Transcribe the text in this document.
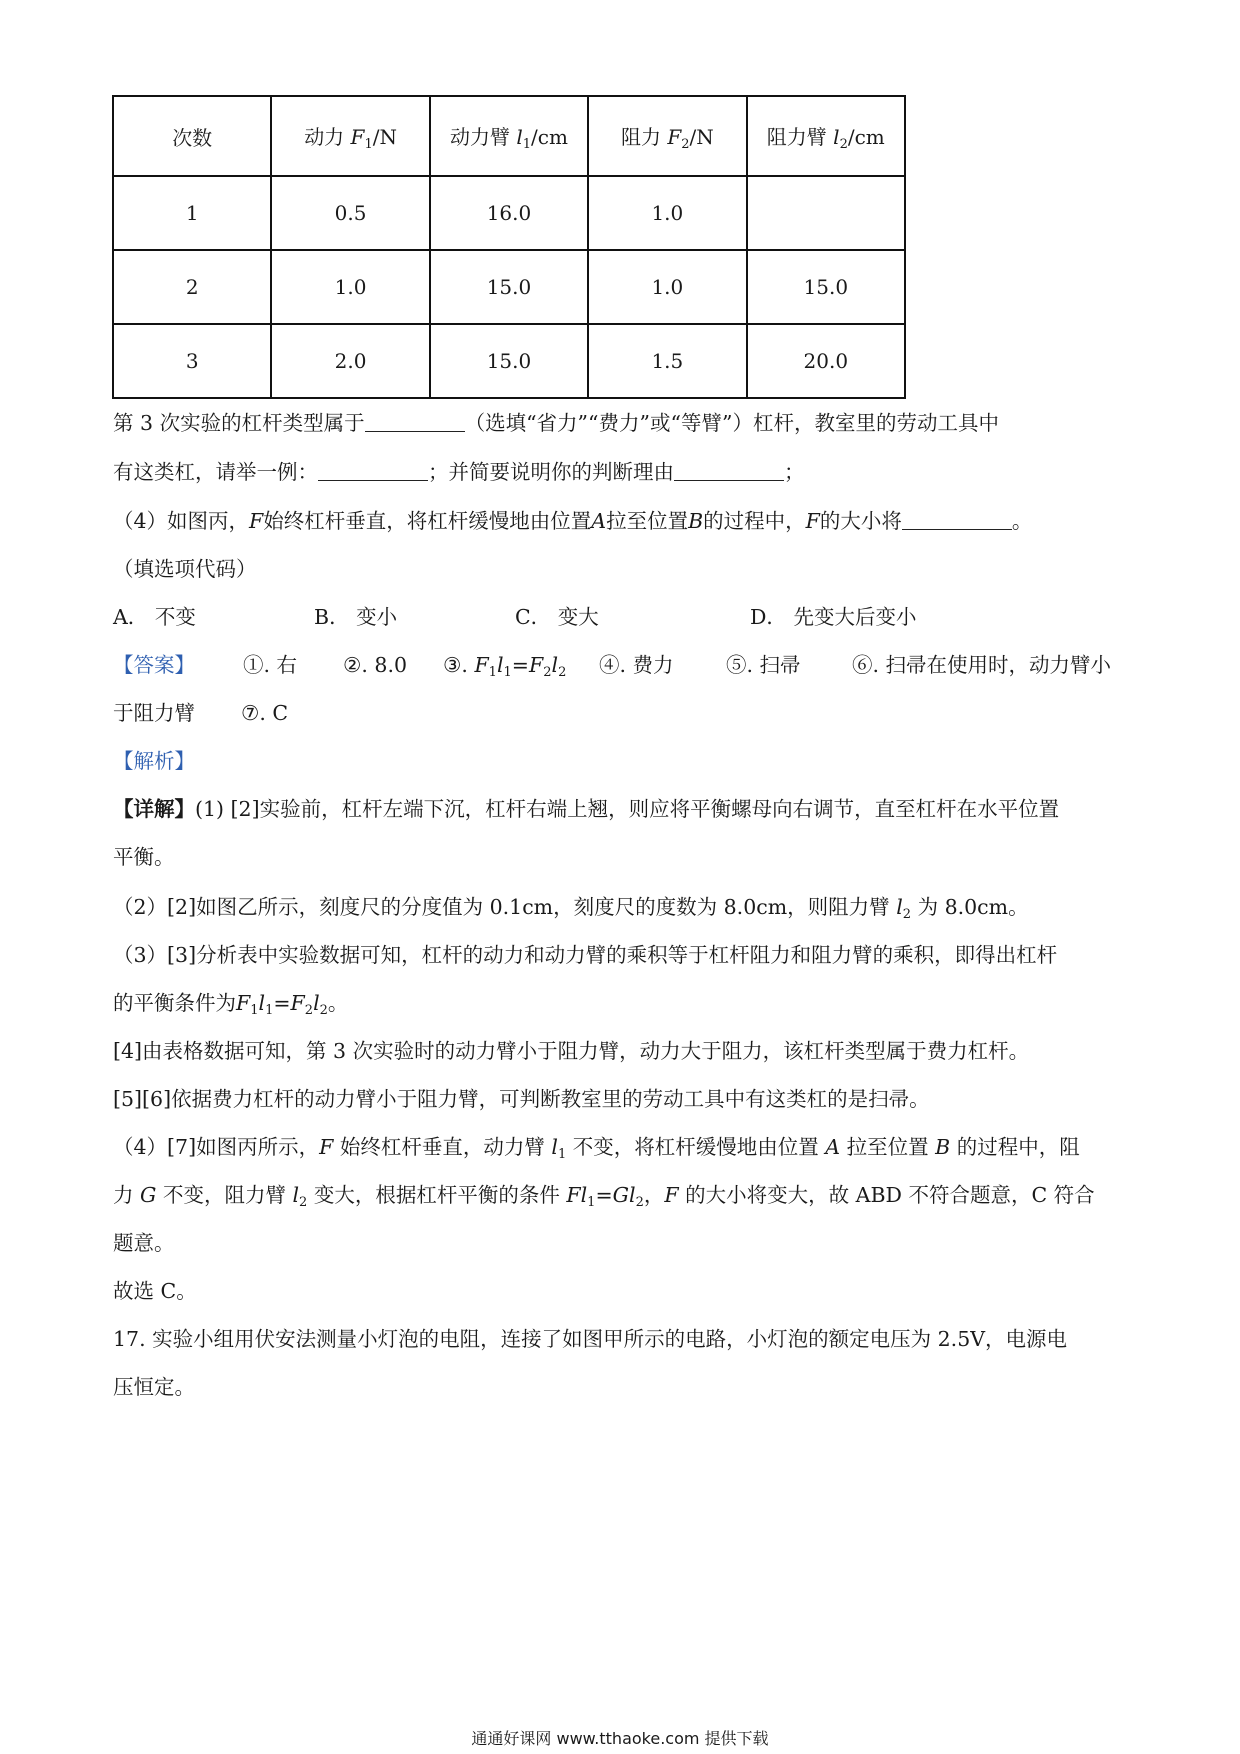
次数	动力 $F_1/N$	动力臂 $l_1/cm$	阻力 $F_2/N$	阻力臂 $l_2/cm$
1	0.5	16.0	1.0	
2	1.0	15.0	1.0	15.0
3	2.0	15.0	1.5	20.0
第 3 次实验的杠杆类型属于	（选填“省力”“费力”或“等臂”）杠杆，教室里的劳动工具中
有这类杠，请举一例：	；并简要说明你的判断理由	；
（4）如图丙，F始终杠杆垂直，将杠杆缓慢地由位置A拉至位置B的过程中，F的大小将	。
（填选项代码）
A． 不变	B． 变小	C． 变大	D． 先变大后变小
【答案】 ①. 右 ②. 8.0 ③. $F_1l_1=F_2l_2$ ④. 费力	⑤. 扫帚	⑥. 扫帚在使用时，动力臂小
于阻力臂 ⑦. C
【解析】
【详解】(1) [2]实验前，杠杆左端下沉，杠杆右端上翘，则应将平衡螺母向右调节，直至杠杆在水平位置
平衡。
（2）[2]如图乙所示，刻度尺的分度值为 0.1cm，刻度尺的度数为 8.0cm，则阻力臂 $l_2$ 为 8.0cm。
（3）[3]分析表中实验数据可知，杠杆的动力和动力臂的乘积等于杠杆阻力和阻力臂的乘积，即得出杠杆
的平衡条件为$F_1l_1=F_2l_2$。
[4]由表格数据可知，第 3 次实验时的动力臂小于阻力臂，动力大于阻力，该杠杆类型属于费力杠杆。
[5][6]依据费力杠杆的动力臂小于阻力臂，可判断教室里的劳动工具中有这类杠的是扫帚。
（4）[7]如图丙所示，F 始终杠杆垂直，动力臂 $l_1$ 不变，将杠杆缓慢地由位置 A 拉至位置 B 的过程中，阻
力 G 不变，阻力臂 $l_2$ 变大，根据杠杆平衡的条件 $Fl_1=Gl_2$，F 的大小将变大，故 ABD 不符合题意，C 符合
题意。
故选 C。
17. 实验小组用伏安法测量小灯泡的电阻，连接了如图甲所示的电路，小灯泡的额定电压为 2.5V，电源电
压恒定。
通通好课网 www.tthaoke.com 提供下载
